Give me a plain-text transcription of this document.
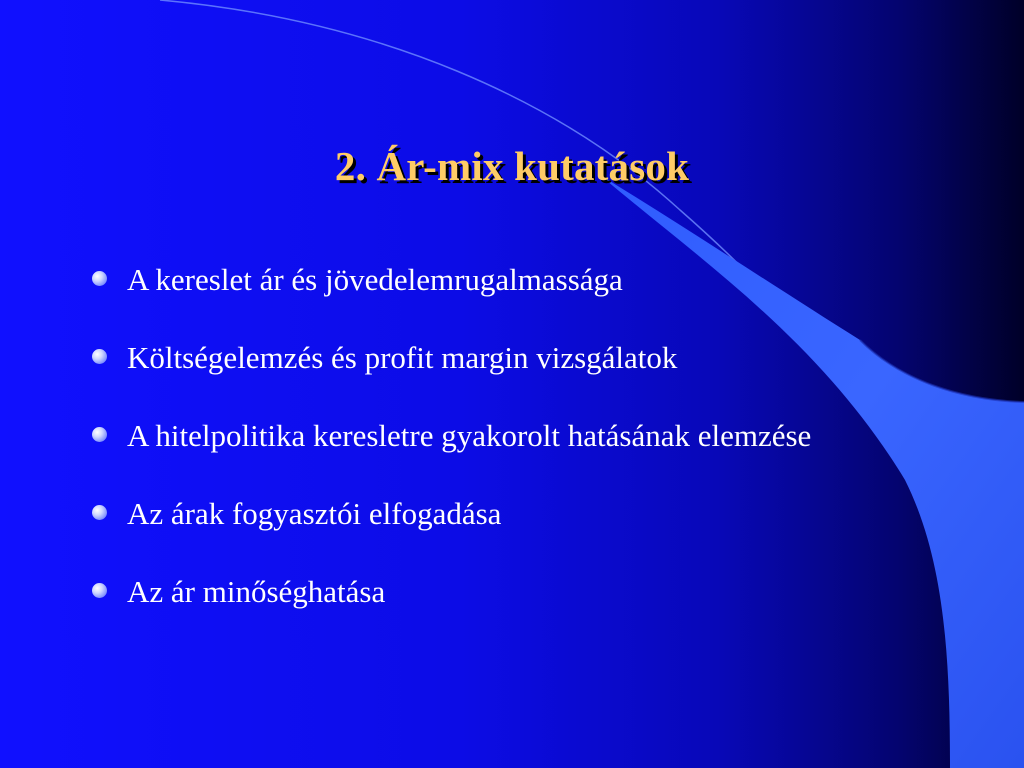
2. Ár-mix kutatások
A kereslet ár és jövedelemrugalmassága
Költségelemzés és profit margin vizsgálatok
A hitelpolitika keresletre gyakorolt hatásának elemzése
Az árak fogyasztói elfogadása
Az ár minőséghatása
